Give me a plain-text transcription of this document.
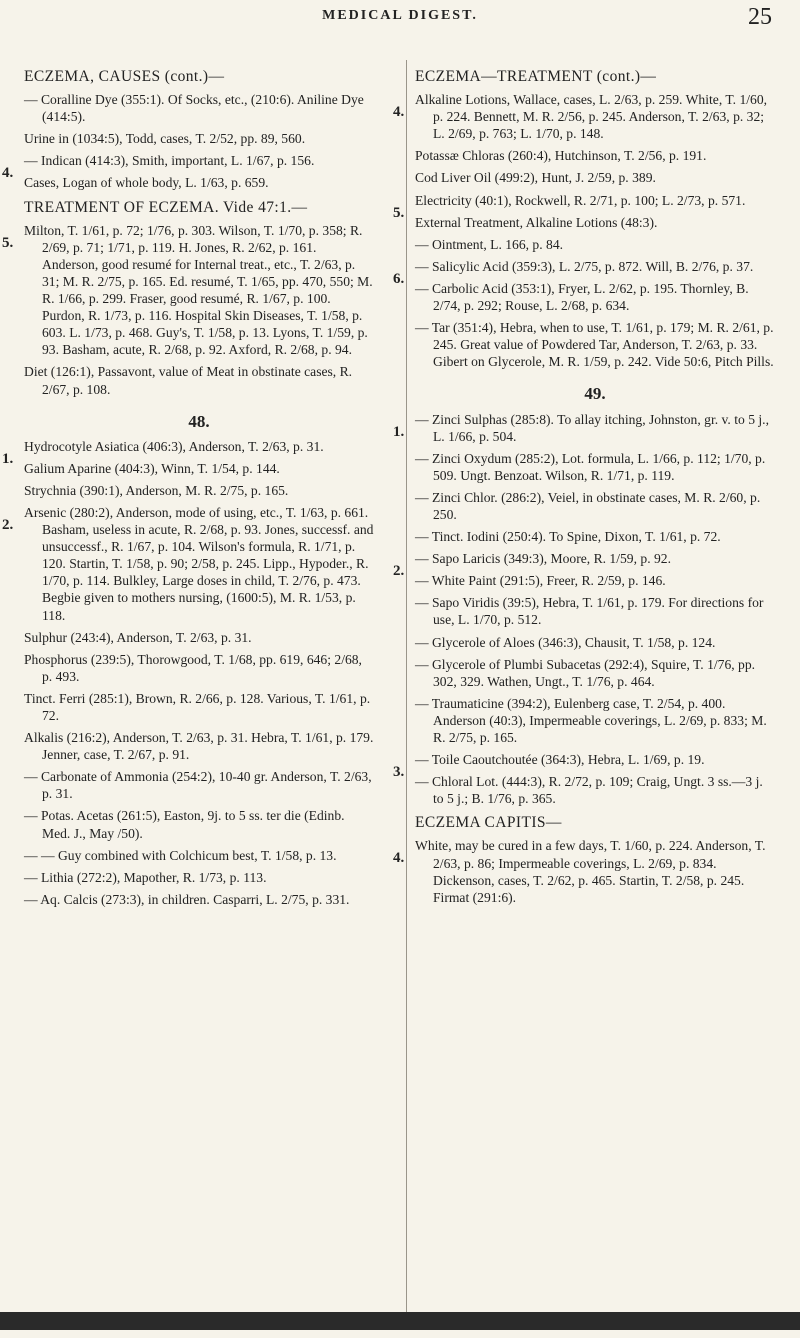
MEDICAL DIGEST.	25
ECZEMA, CAUSES (cont.)—
— Coralline Dye (355:1). Of Socks, etc., (210:6). Aniline Dye (414:5).
Urine in (1034:5), Todd, cases, T. 2/52, pp. 89, 560.
4.
— Indican (414:3), Smith, important, L. 1/67, p. 156.
Cases, Logan of whole body, L. 1/63, p. 659.
TREATMENT OF ECZEMA. Vide 47:1.—
5.
Milton, T. 1/61, p. 72; 1/76, p. 303. Wilson, T. 1/70, p. 358; R. 2/69, p. 71; 1/71, p. 119. H. Jones, R. 2/62, p. 161. Anderson, good resumé for Internal treat., etc., T. 2/63, p. 31; M. R. 2/75, p. 165. Ed. resumé, T. 1/65, pp. 470, 550; M. R. 1/66, p. 299. Fraser, good resumé, R. 1/67, p. 100. Purdon, R. 1/73, p. 116. Hospital Skin Diseases, T. 1/58, p. 603. L. 1/73, p. 468. Guy's, T. 1/58, p. 13. Lyons, T. 1/59, p. 93. Basham, acute, R. 2/68, p. 92. Axford, R. 2/68, p. 94.
Diet (126:1), Passavont, value of Meat in obstinate cases, R. 2/67, p. 108.
48.
1.
Hydrocotyle Asiatica (406:3), Anderson, T. 2/63, p. 31.
Galium Aparine (404:3), Winn, T. 1/54, p. 144.
Strychnia (390:1), Anderson, M. R. 2/75, p. 165.
2.
Arsenic (280:2), Anderson, mode of using, etc., T. 1/63, p. 661. Basham, useless in acute, R. 2/68, p. 93. Jones, successf. and unsuccessf., R. 1/67, p. 104. Wilson's formula, R. 1/71, p. 120. Startin, T. 1/58, p. 90; 2/58, p. 245. Lipp., Hypoder., R. 1/70, p. 114. Bulkley, Large doses in child, T. 2/76, p. 473. Begbie given to mothers nursing, (1600:5), M. R. 1/53, p. 118.
Sulphur (243:4), Anderson, T. 2/63, p. 31.
Phosphorus (239:5), Thorowgood, T. 1/68, pp. 619, 646; 2/68, p. 493.
Tinct. Ferri (285:1), Brown, R. 2/66, p. 128. Various, T. 1/61, p. 72.
Alkalis (216:2), Anderson, T. 2/63, p. 31. Hebra, T. 1/61, p. 179. Jenner, case, T. 2/67, p. 91.
— Carbonate of Ammonia (254:2), 10-40 gr. Anderson, T. 2/63, p. 31.
— Potas. Acetas (261:5), Easton, 9j. to 5 ss. ter die (Edinb. Med. J., May /50).
— — Guy combined with Colchicum best, T. 1/58, p. 13.
— Lithia (272:2), Mapother, R. 1/73, p. 113.
— Aq. Calcis (273:3), in children. Casparri, L. 2/75, p. 331.
ECZEMA—TREATMENT (cont.)—
4.
Alkaline Lotions, Wallace, cases, L. 2/63, p. 259. White, T. 1/60, p. 224. Bennett, M. R. 2/56, p. 245. Anderson, T. 2/63, p. 32; L. 2/69, p. 763; L. 1/70, p. 148.
Potassæ Chloras (260:4), Hutchinson, T. 2/56, p. 191.
Cod Liver Oil (499:2), Hunt, J. 2/59, p. 389.
5.
Electricity (40:1), Rockwell, R. 2/71, p. 100; L. 2/73, p. 571.
External Treatment, Alkaline Lotions (48:3).
— Ointment, L. 166, p. 84.
6.
— Salicylic Acid (359:3), L. 2/75, p. 872. Will, B. 2/76, p. 37.
— Carbolic Acid (353:1), Fryer, L. 2/62, p. 195. Thornley, B. 2/74, p. 292; Rouse, L. 2/68, p. 634.
— Tar (351:4), Hebra, when to use, T. 1/61, p. 179; M. R. 2/61, p. 245. Great value of Powdered Tar, Anderson, T. 2/63, p. 33. Gibert on Glycerole, M. R. 1/59, p. 242. Vide 50:6, Pitch Pills.
49.
1.
— Zinci Sulphas (285:8). To allay itching, Johnston, gr. v. to 5 j., L. 1/66, p. 504.
— Zinci Oxydum (285:2), Lot. formula, L. 1/66, p. 112; 1/70, p. 509. Ungt. Benzoat. Wilson, R. 1/71, p. 119.
— Zinci Chlor. (286:2), Veiel, in obstinate cases, M. R. 2/60, p. 250.
— Tinct. Iodini (250:4). To Spine, Dixon, T. 1/61, p. 72.
2.
— Sapo Laricis (349:3), Moore, R. 1/59, p. 92.
— White Paint (291:5), Freer, R. 2/59, p. 146.
— Sapo Viridis (39:5), Hebra, T. 1/61, p. 179. For directions for use, L. 1/70, p. 512.
— Glycerole of Aloes (346:3), Chausit, T. 1/58, p. 124.
— Glycerole of Plumbi Subacetas (292:4), Squire, T. 1/76, pp. 302, 329. Wathen, Ungt., T. 1/76, p. 464.
— Traumaticine (394:2), Eulenberg case, T. 2/54, p. 400. Anderson (40:3), Impermeable coverings, L. 2/69, p. 833; M. R. 2/75, p. 165.
3.
— Toile Caoutchoutée (364:3), Hebra, L. 1/69, p. 19.
— Chloral Lot. (444:3), R. 2/72, p. 109; Craig, Ungt. 3 ss.—3 j. to 5 j.; B. 1/76, p. 365.
ECZEMA CAPITIS—
4.
White, may be cured in a few days, T. 1/60, p. 224. Anderson, T. 2/63, p. 86; Impermeable coverings, L. 2/69, p. 834. Dickenson, cases, T. 2/62, p. 465. Startin, T. 2/58, p. 245. Firmat (291:6).
